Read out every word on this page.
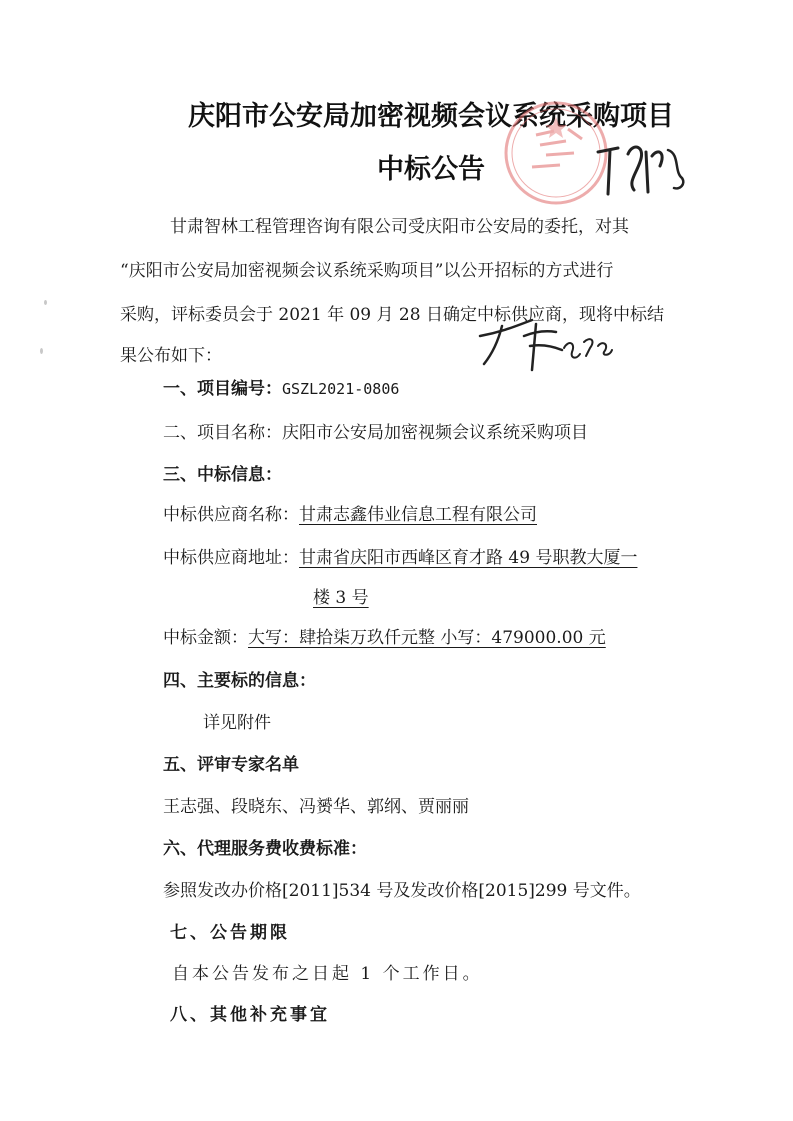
庆阳市公安局加密视频会议系统采购项目
中标公告
甘肃智林工程管理咨询有限公司受庆阳市公安局的委托，对其
“庆阳市公安局加密视频会议系统采购项目”以公开招标的方式进行
采购，评标委员会于 2021 年 09 月 28 日确定中标供应商，现将中标结
果公布如下：
一、项目编号：GSZL2021-0806
二、项目名称：庆阳市公安局加密视频会议系统采购项目
三、中标信息：
中标供应商名称：甘肃志鑫伟业信息工程有限公司
中标供应商地址：甘肃省庆阳市西峰区育才路 49 号职教大厦一
楼 3 号
中标金额：大写：肆拾柒万玖仟元整 小写：479000.00 元
四、主要标的信息：
详见附件
五、评审专家名单
王志强、段晓东、冯赟华、郭纲、贾丽丽
六、代理服务费收费标准：
参照发改办价格[2011]534 号及发改价格[2015]299 号文件。
七、公告期限
自本公告发布之日起 1 个工作日。
八、其他补充事宜
